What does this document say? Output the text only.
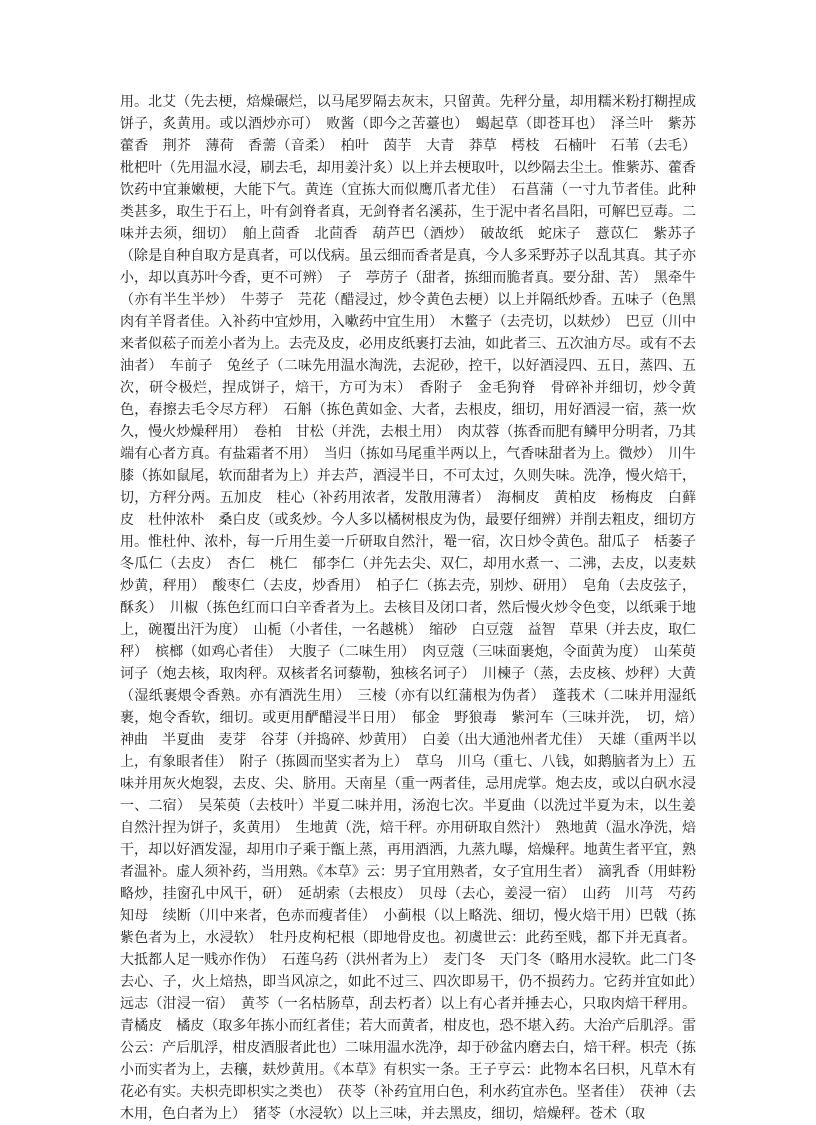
用。北艾（先去梗，焙燥碾烂，以马尾罗隔去灰末，只留黄。先秤分量，却用糯米粉打糊捏成饼子，炙黄用。或以酒炒亦可）　败酱（即今之苦薹也）　蝎起草（即苍耳也）　泽兰叶　紫苏藿香　荆芥　薄荷　香薷（音柔）　柏叶　茵芋　大青　莽草　樗枝　石楠叶　石苇（去毛）枇杷叶（先用温水浸，刷去毛，却用姜汁炙）以上并去梗取叶，以纱隔去尘土。惟紫苏、藿香饮药中宜兼嫩梗，大能下气。黄连（宜拣大而似鹰爪者尤佳）　石菖蒲（一寸九节者佳。此种类甚多，取生于石上，叶有剑脊者真，无剑脊者名溪荪，生于泥中者名昌阳，可解巴豆毒。二味并去须，细切）　舶上茴香　北茴香　葫芦巴（酒炒）　破故纸　蛇床子　薏苡仁　紫苏子（除是自种自取方是真者，可以伐病。虽云细而香者是真，今人多采野苏子以乱其真。其子亦小，却以真苏叶今香，更不可辨）　子　葶苈子（甜者，拣细而脆者真。要分甜、苦）　黑牵牛（亦有半生半炒）　牛蒡子　芫花（醋浸过，炒令黄色去梗）以上并隔纸炒香。五味子（色黑肉有羊肾者佳。入补药中宜炒用，入嗽药中宜生用）　木鳖子（去壳切，以麸炒）　巴豆（川中来者似菘子而差小者为上。去壳及皮，必用皮纸裹打去油，如此者三、五次油方尽。或有不去油者）　车前子　兔丝子（二味先用温水淘洗，去泥砂，控干，以好酒浸四、五日，蒸四、五次，研令极烂，捏成饼子，焙干，方可为末）　香附子　金毛狗脊　骨碎补并细切，炒令黄色，舂擦去毛令尽方秤）　石斛（拣色黄如金、大者，去根皮，细切，用好酒浸一宿，蒸一炊久，慢火炒燥秤用）　卷柏　甘松（并洗，去根土用）　肉苁蓉（拣香而肥有鳞甲分明者，乃其端有心者方真。有盐霜者不用）　当归（拣如马尾重半两以上，气香味甜者为上。微炒）　川牛膝（拣如鼠尾，软而甜者为上）并去芦，酒浸半日，不可太过，久则失味。洗净，慢火焙干，切，方秤分两。五加皮　桂心（补药用浓者，发散用薄者）　海桐皮　黄柏皮　杨梅皮　白藓皮　杜仲浓朴　桑白皮（或炙炒。今人多以橘树根皮为伪，最要仔细辨）并削去粗皮，细切方用。惟杜仲、浓朴，每一斤用生姜一斤研取自然汁，罨一宿，次日炒令黄色。甜瓜子　栝萎子　冬瓜仁（去皮）　杏仁　桃仁　郁李仁（并先去尖、双仁，却用水煮一、二沸，去皮，以麦麸炒黄，秤用）　酸枣仁（去皮，炒香用）　柏子仁（拣去壳，别炒、研用）　皂角（去皮弦子，酥炙）　川椒（拣色红而口白辛香者为上。去核目及闭口者，然后慢火炒令色变，以纸乘于地上，碗覆出汗为度）　山栀（小者佳，一名越桃）　缩砂　白豆蔻　益智　草果（并去皮，取仁秤）　槟榔（如鸡心者佳）　大腹子（二味生用）　肉豆蔻（三味面裹炮，令面黄为度）　山茱萸　诃子（炮去核，取肉秤。双核者名诃藜勒，独核名诃子）　川楝子（蒸，去皮核、炒秤）大黄（湿纸裹煨令香熟。亦有酒洗生用）　三棱（亦有以红蒲根为伪者）　蓬莪术（二味并用湿纸裹，炮令香软，细切。或更用酽醋浸半日用）　郁金　野狼毒　紫河车（三味并洗，　切，焙）　神曲　半夏曲　麦芽　谷芽（并捣碎、炒黄用）　白姜（出大通池州者尤佳）　天雄（重两半以上，有象眼者佳）　附子（拣圆而坚实者为上）　草乌　川乌（重七、八钱，如鹅脑者为上）五味并用灰火炮裂，去皮、尖、脐用。天南星（重一两者佳，忌用虎掌。炮去皮，或以白矾水浸一、二宿）　吴茱萸（去枝叶）半夏二味并用，汤泡七次。半夏曲（以洗过半夏为末，以生姜自然汁捏为饼子，炙黄用）　生地黄（洗，焙干秤。亦用研取自然汁）　熟地黄（温水净洗，焙干，却以好酒发湿，却用巾子乘于甑上蒸，再用酒洒，九蒸九曝，焙燥秤。地黄生者平宜，熟者温补。虚人须补药，当用熟。《本草》云：男子宜用熟者，女子宜用生者）　滴乳香（用蚌粉略炒，挂窗孔中风干，研）　延胡索（去根皮）　贝母（去心，姜浸一宿）　山药　川芎　芍药　知母　续断（川中来者，色赤而瘦者佳）　小蓟根（以上略洗、细切，慢火焙干用）巴戟（拣紫色者为上，水浸软）　牡丹皮枸杞根（即地骨皮也。初虞世云：此药至贱，都下并无真者。大抵都人足一贱亦作伪）　石莲乌药（洪州者为上）　麦门冬　天门冬（略用水浸软。此二门冬去心、子，火上焙热，即当风凉之，如此不过三、四次即易干，仍不损药力。它药并宜如此）　远志（泔浸一宿）　黄芩（一名枯肠草，刮去朽者）以上有心者并捶去心，只取肉焙干秤用。青橘皮　橘皮（取多年拣小而红者佳；若大而黄者，柑皮也，恐不堪入药。大治产后肌浮。雷公云：产后肌浮，柑皮酒服者此也）二味用温水洗净，却于砂盆内磨去白，焙干秤。枳壳（拣小而实者为上，去穰，麸炒黄用。《本草》有枳实一条。王子亨云：此物本名曰枳，凡草木有花必有实。夫枳壳即枳实之类也）　茯苓（补药宜用白色，利水药宜赤色。坚者佳）　茯神（去木用，色白者为上）　猪苓（水浸软）以上三味，并去黑皮，细切，焙燥秤。苍术（取
